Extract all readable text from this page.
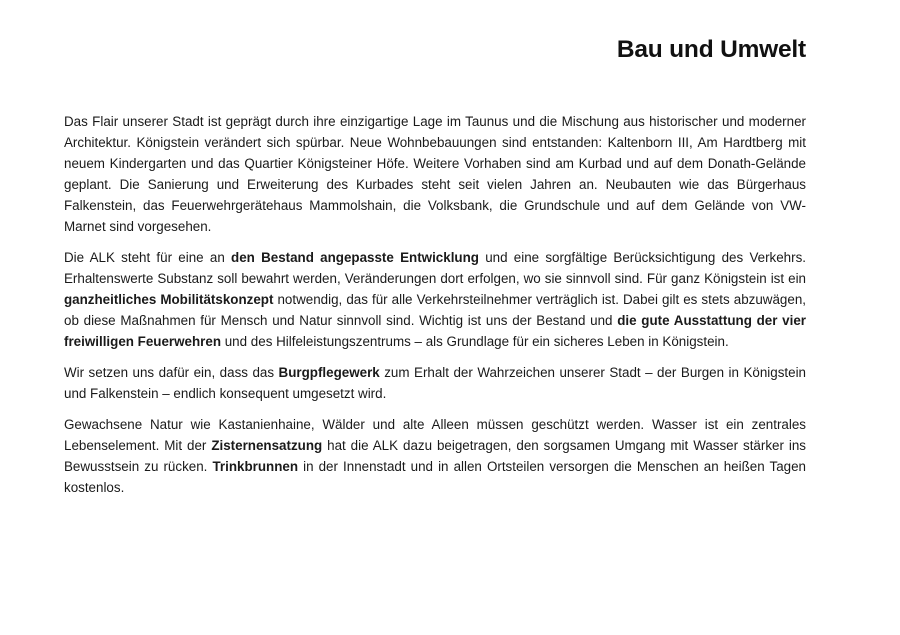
Bau und Umwelt

Das Flair unserer Stadt ist geprägt durch ihre einzigartige Lage im Taunus und die Mischung aus historischer und moderner Architektur. Königstein verändert sich spürbar. Neue Wohnbebauungen sind entstanden: Kaltenborn III, Am Hardtberg mit neuem Kindergarten und das Quartier Königsteiner Höfe. Weitere Vorhaben sind am Kurbad und auf dem Donath-Gelände geplant. Die Sanierung und Erweiterung des Kurbades steht seit vielen Jahren an. Neubauten wie das Bürgerhaus Falkenstein, das Feuerwehrgerätehaus Mammolshain, die Volksbank, die Grundschule und auf dem Gelände von VW-Marnet sind vorgesehen.

Die ALK steht für eine an den Bestand angepasste Entwicklung und eine sorgfältige Berücksichtigung des Verkehrs. Erhaltenswerte Substanz soll bewahrt werden, Veränderungen dort erfolgen, wo sie sinnvoll sind. Für ganz Königstein ist ein ganzheitliches Mobilitätskonzept notwendig, das für alle Verkehrsteilnehmer verträglich ist. Dabei gilt es stets abzuwägen, ob diese Maßnahmen für Mensch und Natur sinnvoll sind. Wichtig ist uns der Bestand und die gute Ausstattung der vier freiwilligen Feuerwehren und des Hilfeleistungszentrums – als Grundlage für ein sicheres Leben in Königstein.

Wir setzen uns dafür ein, dass das Burgpflegewerk zum Erhalt der Wahrzeichen unserer Stadt – der Burgen in Königstein und Falkenstein – endlich konsequent umgesetzt wird.

Gewachsene Natur wie Kastanienhaine, Wälder und alte Alleen müssen geschützt werden. Wasser ist ein zentrales Lebenselement. Mit der Zisternensatzung hat die ALK dazu beigetragen, den sorgsamen Umgang mit Wasser stärker ins Bewusstsein zu rücken. Trinkbrunnen in der Innenstadt und in allen Ortsteilen versorgen die Menschen an heißen Tagen kostenlos.
